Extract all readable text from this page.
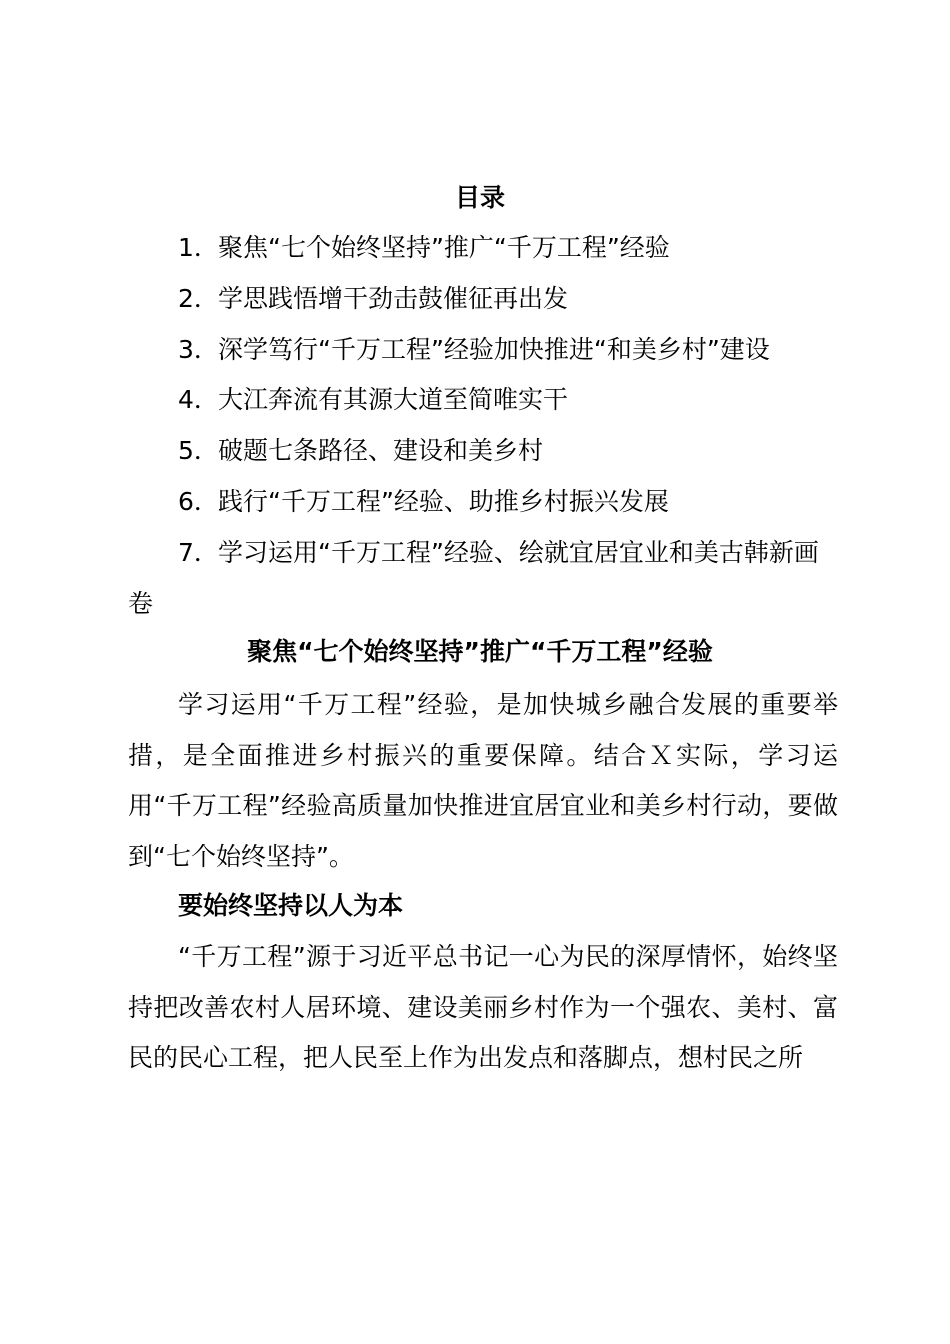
目录
1．聚焦“七个始终坚持”推广“千万工程”经验
2．学思践悟增干劲击鼓催征再出发
3．深学笃行“千万工程”经验加快推进“和美乡村”建设
4．大江奔流有其源大道至简唯实干
5．破题七条路径、建设和美乡村
6．践行“千万工程”经验、助推乡村振兴发展
7．学习运用“千万工程”经验、绘就宜居宜业和美古韩新画
卷
聚焦“七个始终坚持”推广“千万工程”经验
学习运用“千万工程”经验，是加快城乡融合发展的重要举措，是全面推进乡村振兴的重要保障。结合Ｘ实际，学习运用“千万工程”经验高质量加快推进宜居宜业和美乡村行动，要做到“七个始终坚持”。
要始终坚持以人为本
“千万工程”源于习近平总书记一心为民的深厚情怀，始终坚持把改善农村人居环境、建设美丽乡村作为一个强农、美村、富民的民心工程，把人民至上作为出发点和落脚点，想村民之所
